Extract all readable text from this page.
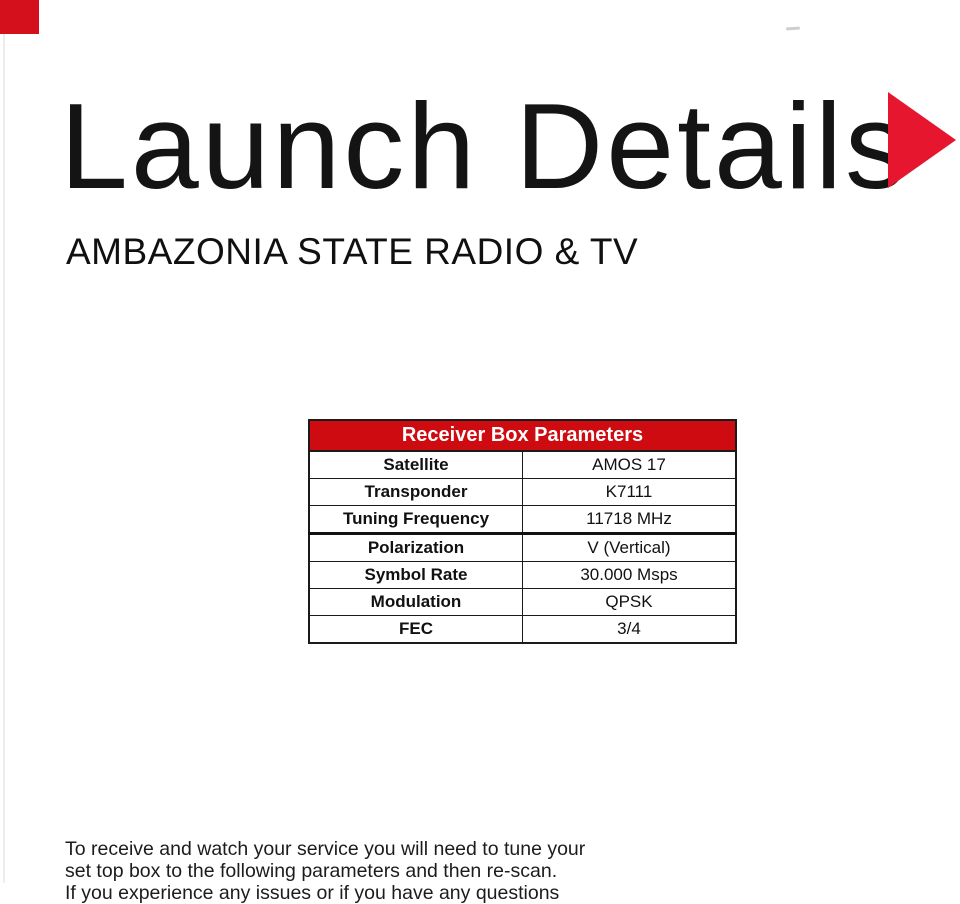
Launch Details
AMBAZONIA STATE RADIO & TV
Receiver Box Parameters	
Satellite	AMOS 17
Transponder	K7111
Tuning Frequency	11718 MHz
Polarization	V (Vertical)
Symbol Rate	30.000 Msps
Modulation	QPSK
FEC	3/4
To receive and watch your service you will need to tune your
set top box to the following parameters and then re-scan.
If you experience any issues or if you have any questions
